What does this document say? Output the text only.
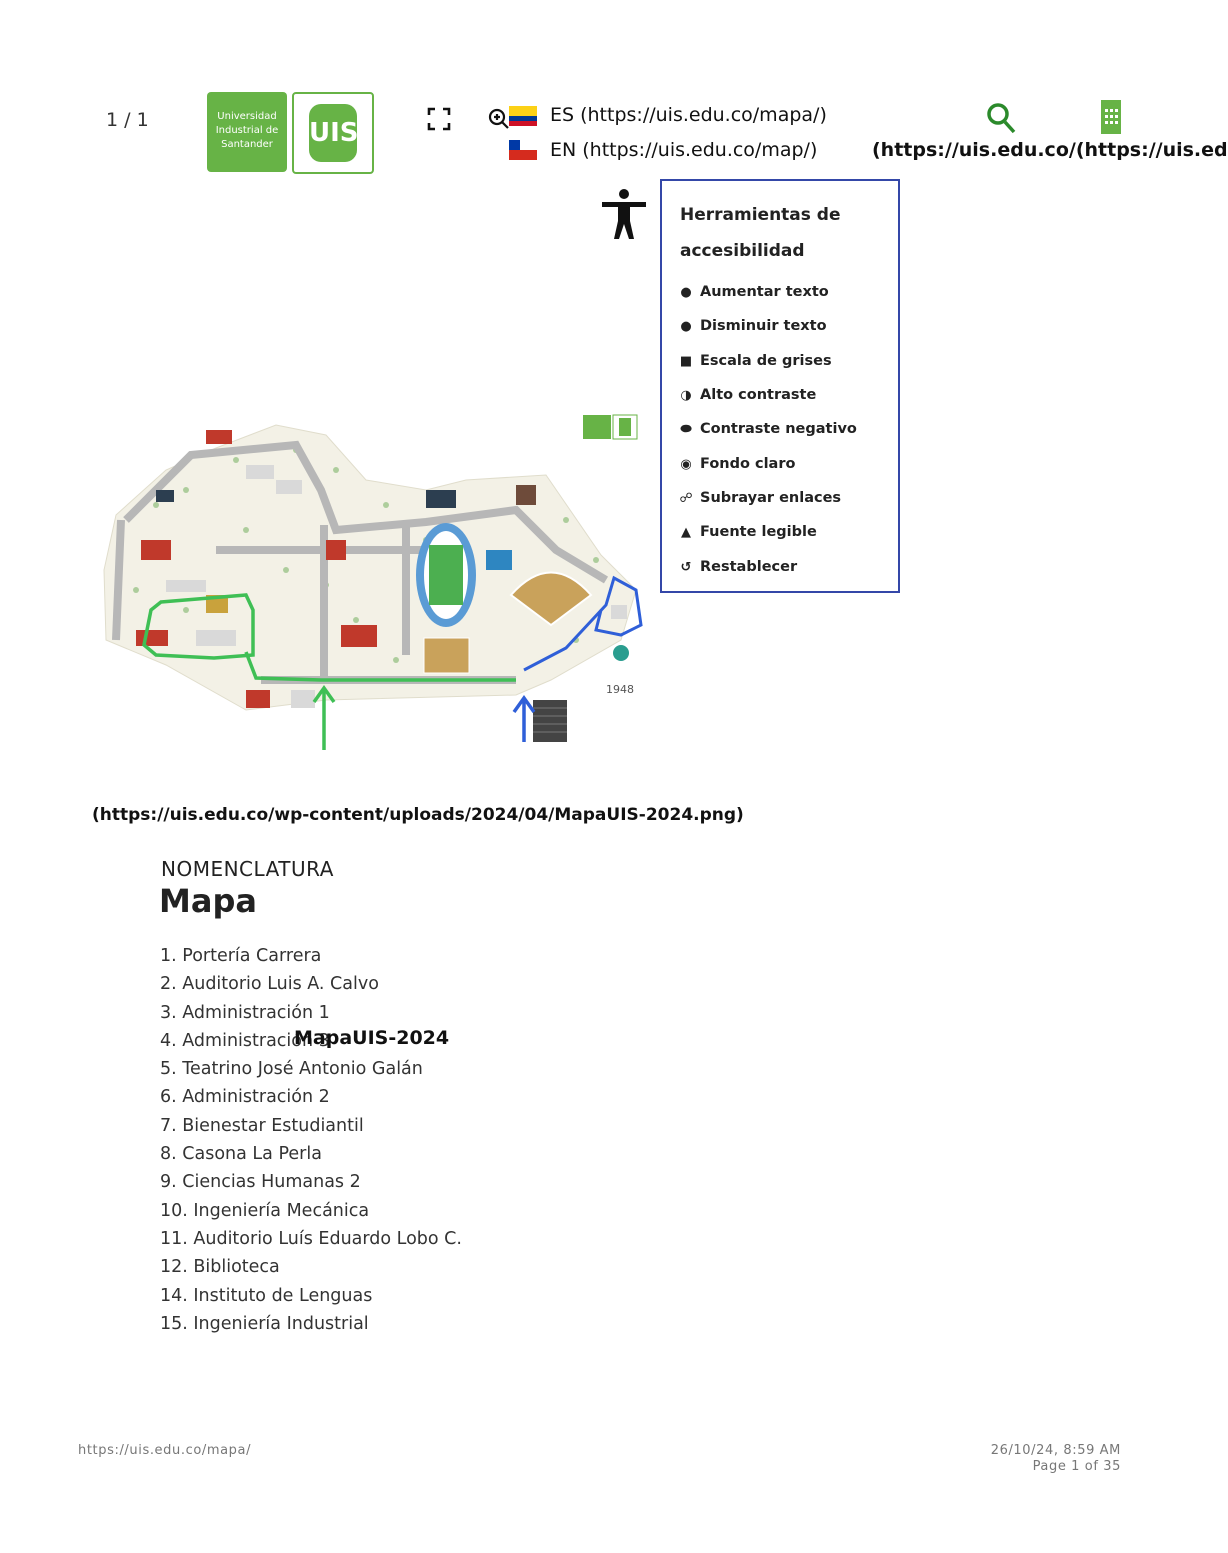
1 / 1	Universidad Industrial de Santander	UIS
ES (https://uis.edu.co/mapa/)
EN (https://uis.edu.co/map/)	(https://uis.edu.co/(https://uis.ed
Herramientas de accesibilidad
● Aumentar texto
● Disminuir texto
■ Escala de grises
◑ Alto contraste
⬬ Contraste negativo
◉ Fondo claro
☍ Subrayar enlaces
▲ Fuente legible
↺ Restablecer
1948
(https://uis.edu.co/wp-content/uploads/2024/04/MapaUIS-2024.png)
NOMENCLATURA
Mapa
1. Portería Carrera
2. Auditorio Luis A. Calvo
3. Administración 1
4. Administración 3
5. Teatrino José Antonio Galán
6. Administración 2
7. Bienestar Estudiantil
8. Casona La Perla
9. Ciencias Humanas 2
10. Ingeniería Mecánica
11. Auditorio Luís Eduardo Lobo C.
12. Biblioteca
14. Instituto de Lenguas
15. Ingeniería Industrial
MapaUIS-2024
https://uis.edu.co/mapa/	26/10/24, 8:59 AM
Page 1 of 35
